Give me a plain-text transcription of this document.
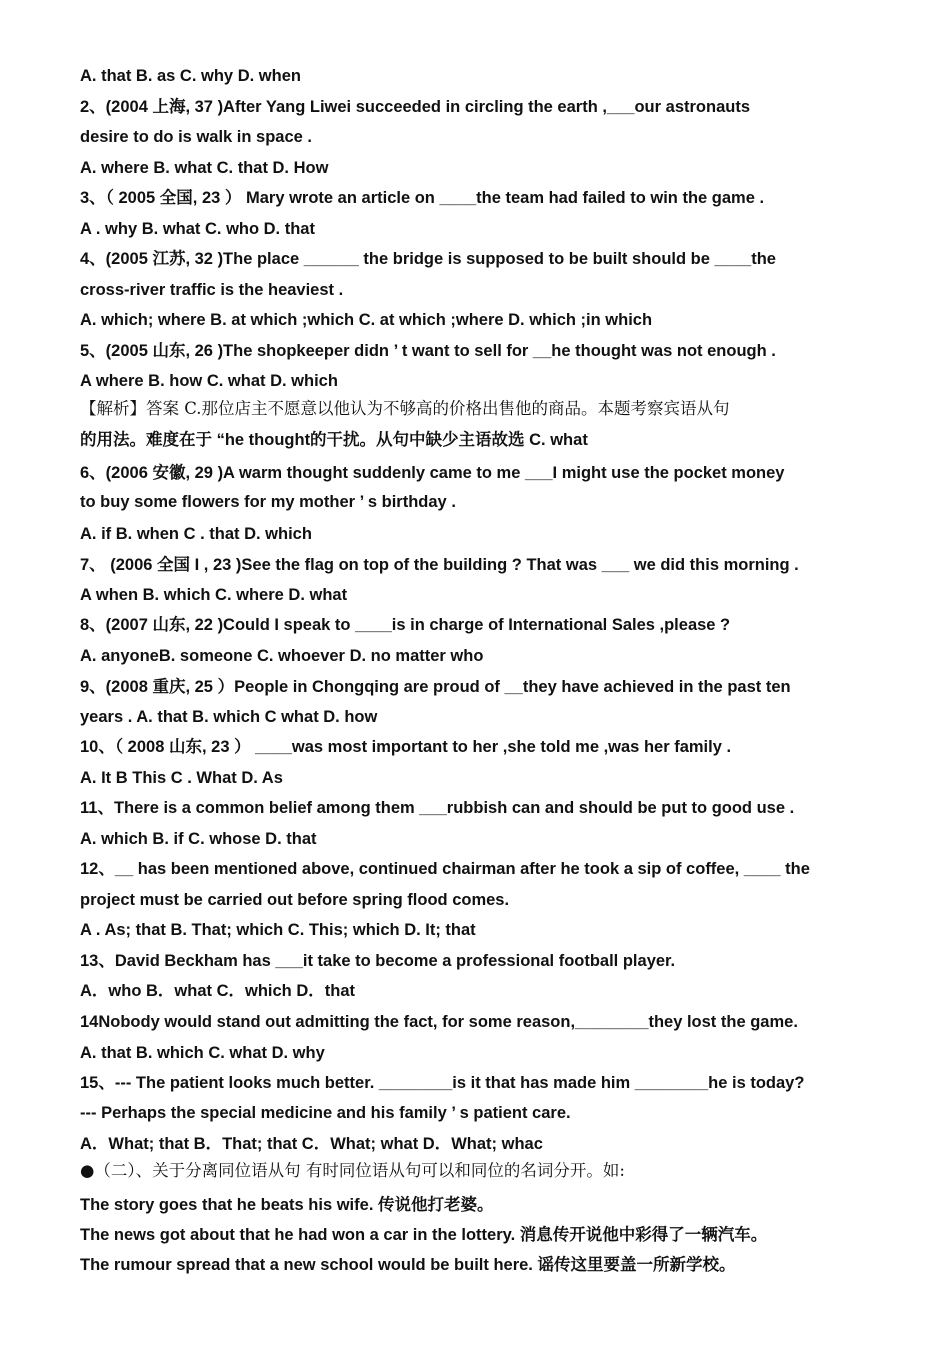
A. that B. as C. why D. when
2、(2004 上海, 37 )After Yang Liwei succeeded in circling the earth ,___our astronauts
desire to do is walk in space .
A. where B. what C. that D. How
3、（ 2005 全国, 23 ） Mary wrote an article on ____the team had failed to win the game .
A . why B. what C. who D. that
4、(2005 江苏, 32 )The place ______ the bridge is supposed to be built should be ____the
cross-river traffic is the heaviest .
A. which; where B. at which ;which C. at which ;where D. which ;in which
5、(2005 山东, 26 )The shopkeeper didn ’ t want to sell for __he thought was not enough .
A where B. how C. what D. which
【解析】答案 C.那位店主不愿意以他认为不够高的价格出售他的商品。本题考察宾语从句
的用法。难度在于 “he thought的干扰。从句中缺少主语故选 C. what
6、(2006 安徽, 29 )A warm thought suddenly came to me ___I might use the pocket money
to buy some flowers for my mother ’ s birthday .
A. if B. when C . that D. which
7、 (2006 全国 I , 23 )See the flag on top of the building ? That was ___ we did this morning .
A when B. which C. where D. what
8、(2007 山东, 22 )Could I speak to ____is in charge of International Sales ,please ?
A. anyoneB. someone C. whoever D. no matter who
9、(2008 重庆, 25 ）People in Chongqing are proud of __they have achieved in the past ten
years . A. that B. which C what D. how
10、（ 2008 山东, 23 ） ____was most important to her ,she told me ,was her family .
A. It B This C . What D. As
11、There is a common belief among them ___rubbish can and should be put to good use .
A. which B. if C. whose D. that
12、__ has been mentioned above, continued chairman after he took a sip of coffee, ____ the
project must be carried out before spring flood comes.
A . As; that B. That; which C. This; which D. It; that
13、David Beckham has ___it take to become a professional football player.
A．who B．what C．which D．that
14Nobody would stand out admitting the fact, for some reason,________they lost the game.
A. that B. which C. what D. why
15、--- The patient looks much better. ________is it that has made him ________he is today?
--- Perhaps the special medicine and his family ’ s patient care.
A．What; that B．That; that C．What; what D．What; whac
●（二）、关于分离同位语从句 有时同位语从句可以和同位的名词分开。如:
The story goes that he beats his wife. 传说他打老婆。
The news got about that he had won a car in the lottery. 消息传开说他中彩得了一辆汽车。
The rumour spread that a new school would be built here. 谣传这里要盖一所新学校。
